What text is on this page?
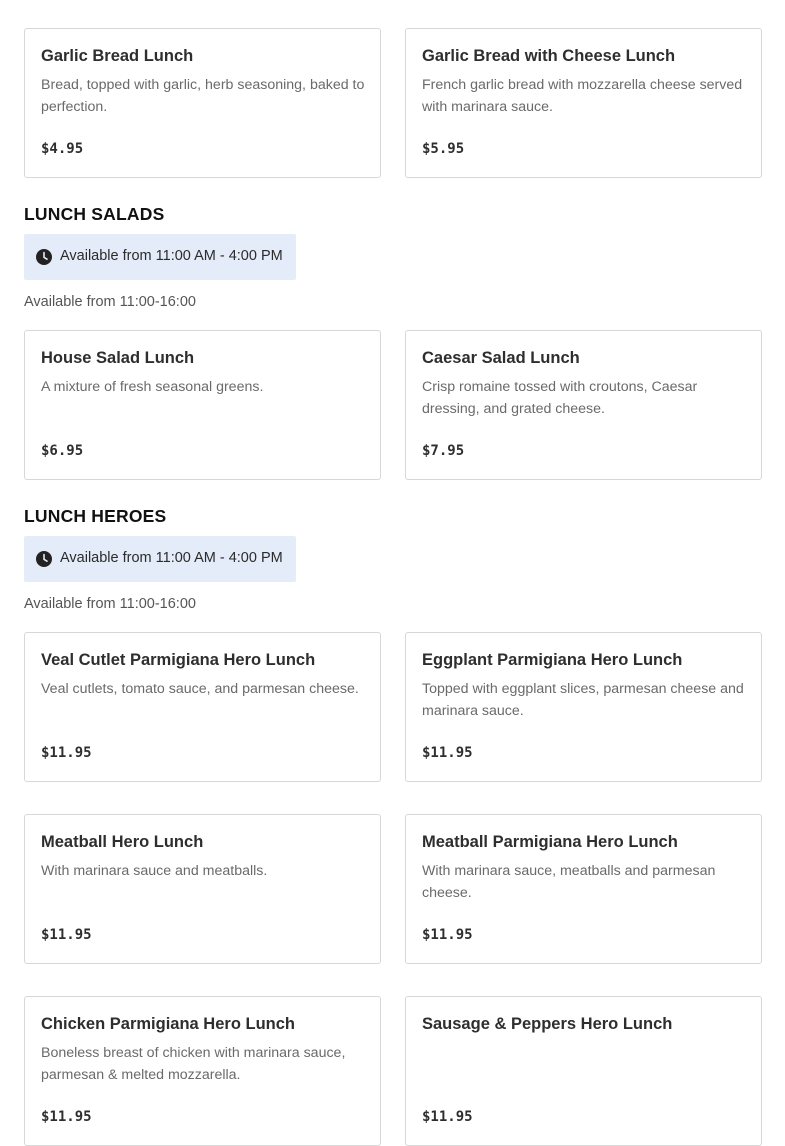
Garlic Bread Lunch
Bread, topped with garlic, herb seasoning, baked to perfection.
$4.95
Garlic Bread with Cheese Lunch
French garlic bread with mozzarella cheese served with marinara sauce.
$5.95
LUNCH SALADS
Available from 11:00 AM - 4:00 PM
Available from 11:00-16:00
House Salad Lunch
A mixture of fresh seasonal greens.
$6.95
Caesar Salad Lunch
Crisp romaine tossed with croutons, Caesar dressing, and grated cheese.
$7.95
LUNCH HEROES
Available from 11:00 AM - 4:00 PM
Available from 11:00-16:00
Veal Cutlet Parmigiana Hero Lunch
Veal cutlets, tomato sauce, and parmesan cheese.
$11.95
Eggplant Parmigiana Hero Lunch
Topped with eggplant slices, parmesan cheese and marinara sauce.
$11.95
Meatball Hero Lunch
With marinara sauce and meatballs.
$11.95
Meatball Parmigiana Hero Lunch
With marinara sauce, meatballs and parmesan cheese.
$11.95
Chicken Parmigiana Hero Lunch
Boneless breast of chicken with marinara sauce, parmesan & melted mozzarella.
$11.95
Sausage & Peppers Hero Lunch
$11.95
